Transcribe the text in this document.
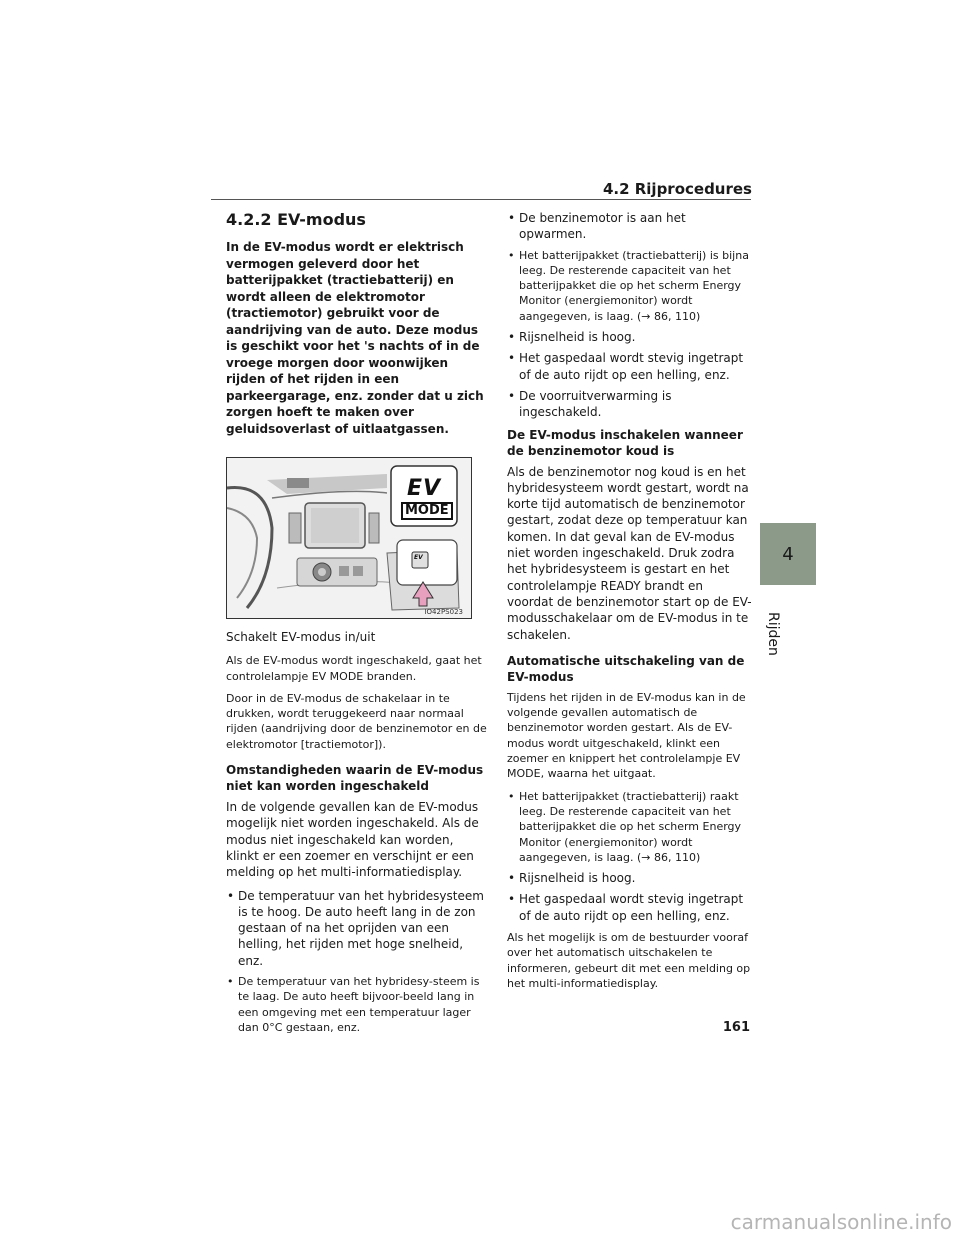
4.2 Rijprocedures
4
Rijden
4.2.2 EV-modus

In de EV-modus wordt er elektrisch vermogen geleverd door het batterijpakket (tractiebatterij) en wordt alleen de elektromotor (tractiemotor) gebruikt voor de aandrijving van de auto. Deze modus is geschikt voor het 's nachts of in de vroege morgen door woonwijken rijden of het rijden in een parkeergarage, enz. zonder dat u zich zorgen hoeft te maken over geluidsoverlast of uitlaatgassen.

EV
MODE
EV
IO42PS023

Schakelt EV-modus in/uit

Als de EV-modus wordt ingeschakeld, gaat het controlelampje EV MODE branden.

Door in de EV-modus de schakelaar in te drukken, wordt teruggekeerd naar normaal rijden (aandrijving door de benzinemotor en de elektromotor [tractiemotor]).

Omstandigheden waarin de EV-modus niet kan worden ingeschakeld

In de volgende gevallen kan de EV-modus mogelijk niet worden ingeschakeld. Als de modus niet ingeschakeld kan worden, klinkt er een zoemer en verschijnt er een melding op het multi-informatiedisplay.

• De temperatuur van het hybridesysteem is te hoog. De auto heeft lang in de zon gestaan of na het oprijden van een helling, het rijden met hoge snelheid, enz.
• De temperatuur van het hybridesy-steem is te laag. De auto heeft bijvoor-beeld lang in een omgeving met een temperatuur lager dan 0°C gestaan, enz.
• De benzinemotor is aan het opwarmen.
• Het batterijpakket (tractiebatterij) is bijna leeg. De resterende capaciteit van het batterijpakket die op het scherm Energy Monitor (energiemonitor) wordt aangegeven, is laag. (→ 86, 110)
• Rijsnelheid is hoog.
• Het gaspedaal wordt stevig ingetrapt of de auto rijdt op een helling, enz.
• De voorruitverwarming is ingeschakeld.
De EV-modus inschakelen wanneer de benzinemotor koud is

Als de benzinemotor nog koud is en het hybridesysteem wordt gestart, wordt na korte tijd automatisch de benzinemotor gestart, zodat deze op temperatuur kan komen. In dat geval kan de EV-modus niet worden ingeschakeld. Druk zodra het hybridesysteem is gestart en het controlelampje READY brandt en voordat de benzinemotor start op de EV-modusschakelaar om de EV-modus in te schakelen.

Automatische uitschakeling van de EV-modus

Tijdens het rijden in de EV-modus kan in de volgende gevallen automatisch de benzinemotor worden gestart. Als de EV-modus wordt uitgeschakeld, klinkt een zoemer en knippert het controlelampje EV MODE, waarna het uitgaat.

• Het batterijpakket (tractiebatterij) raakt leeg. De resterende capaciteit van het batterijpakket die op het scherm Energy Monitor (energiemonitor) wordt aangegeven, is laag. (→ 86, 110)
• Rijsnelheid is hoog.
• Het gaspedaal wordt stevig ingetrapt of de auto rijdt op een helling, enz.

Als het mogelijk is om de bestuurder vooraf over het automatisch uitschakelen te informeren, gebeurt dit met een melding op het multi-informatiedisplay.

161
carmanualsonline.info
